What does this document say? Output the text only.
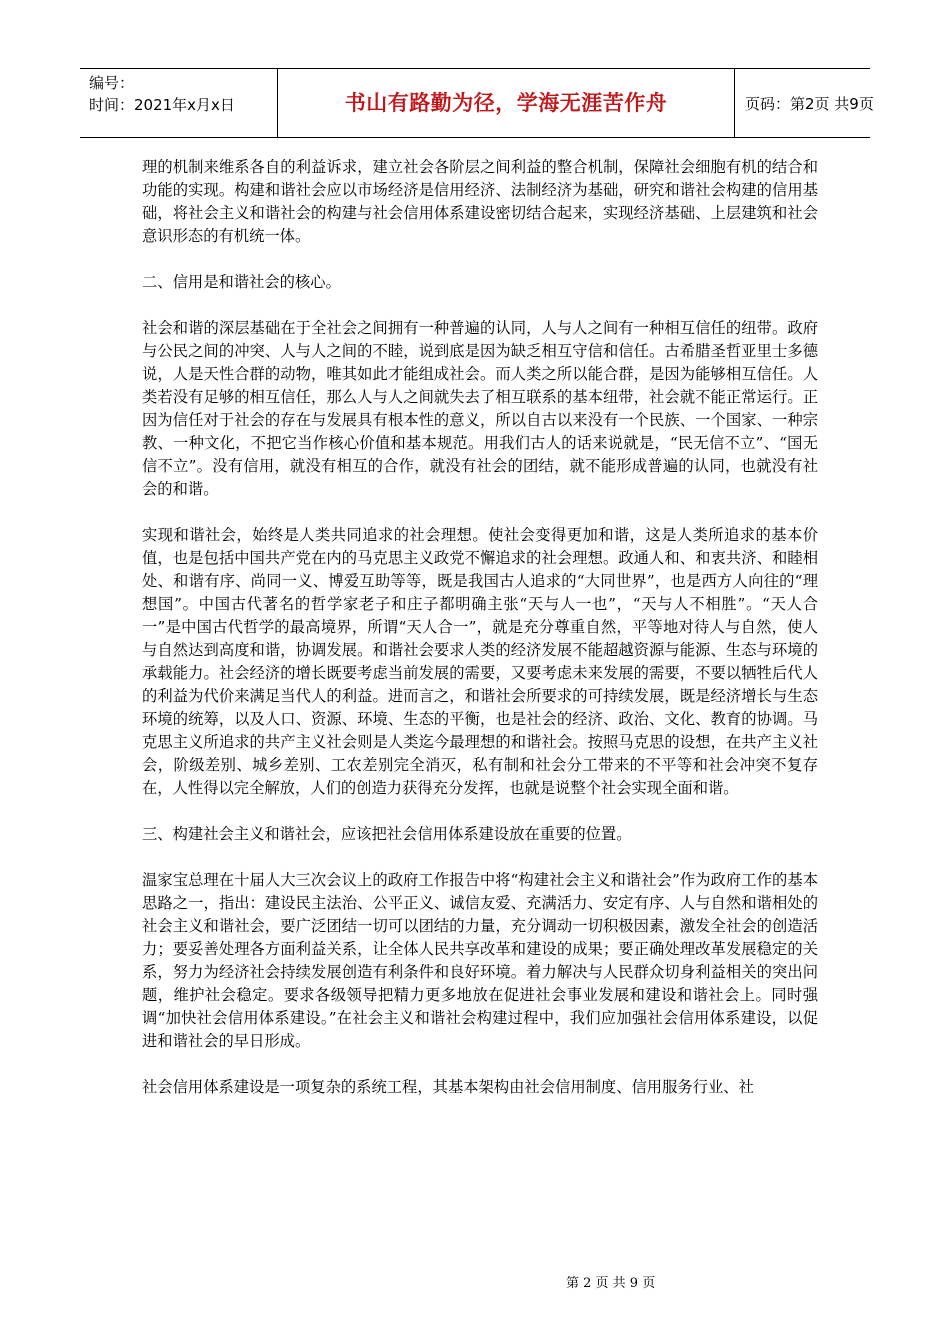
编号：
时间：2021年x月x日	书山有路勤为径，学海无涯苦作舟	页码：第2页 共9页

理的机制来维系各自的利益诉求，建立社会各阶层之间利益的整合机制，保障社会细胞有机的结合和功能的实现。构建和谐社会应以市场经济是信用经济、法制经济为基础，研究和谐社会构建的信用基础，将社会主义和谐社会的构建与社会信用体系建设密切结合起来，实现经济基础、上层建筑和社会意识形态的有机统一体。

二、信用是和谐社会的核心。

社会和谐的深层基础在于全社会之间拥有一种普遍的认同，人与人之间有一种相互信任的纽带。政府与公民之间的冲突、人与人之间的不睦，说到底是因为缺乏相互守信和信任。古希腊圣哲亚里士多德说，人是天性合群的动物，唯其如此才能组成社会。而人类之所以能合群，是因为能够相互信任。人类若没有足够的相互信任，那么人与人之间就失去了相互联系的基本纽带，社会就不能正常运行。正因为信任对于社会的存在与发展具有根本性的意义，所以自古以来没有一个民族、一个国家、一种宗教、一种文化，不把它当作核心价值和基本规范。用我们古人的话来说就是，“民无信不立”、“国无信不立”。没有信用，就没有相互的合作，就没有社会的团结，就不能形成普遍的认同，也就没有社会的和谐。

实现和谐社会，始终是人类共同追求的社会理想。使社会变得更加和谐，这是人类所追求的基本价值，也是包括中国共产党在内的马克思主义政党不懈追求的社会理想。政通人和、和衷共济、和睦相处、和谐有序、尚同一义、博爱互助等等，既是我国古人追求的“大同世界”，也是西方人向往的“理想国”。中国古代著名的哲学家老子和庄子都明确主张“天与人一也”，“天与人不相胜”。“天人合一”是中国古代哲学的最高境界，所谓“天人合一”，就是充分尊重自然，平等地对待人与自然，使人与自然达到高度和谐，协调发展。和谐社会要求人类的经济发展不能超越资源与能源、生态与环境的承载能力。社会经济的增长既要考虑当前发展的需要，又要考虑未来发展的需要，不要以牺牲后代人的利益为代价来满足当代人的利益。进而言之，和谐社会所要求的可持续发展，既是经济增长与生态环境的统筹，以及人口、资源、环境、生态的平衡，也是社会的经济、政治、文化、教育的协调。马克思主义所追求的共产主义社会则是人类迄今最理想的和谐社会。按照马克思的设想，在共产主义社会，阶级差别、城乡差别、工农差别完全消灭，私有制和社会分工带来的不平等和社会冲突不复存在，人性得以完全解放，人们的创造力获得充分发挥，也就是说整个社会实现全面和谐。

三、构建社会主义和谐社会，应该把社会信用体系建设放在重要的位置。

温家宝总理在十届人大三次会议上的政府工作报告中将“构建社会主义和谐社会”作为政府工作的基本思路之一，指出：建设民主法治、公平正义、诚信友爱、充满活力、安定有序、人与自然和谐相处的社会主义和谐社会，要广泛团结一切可以团结的力量，充分调动一切积极因素，激发全社会的创造活力；要妥善处理各方面利益关系，让全体人民共享改革和建设的成果；要正确处理改革发展稳定的关系，努力为经济社会持续发展创造有利条件和良好环境。着力解决与人民群众切身利益相关的突出问题，维护社会稳定。要求各级领导把精力更多地放在促进社会事业发展和建设和谐社会上。同时强调“加快社会信用体系建设。”在社会主义和谐社会构建过程中，我们应加强社会信用体系建设，以促进和谐社会的早日形成。

社会信用体系建设是一项复杂的系统工程，其基本架构由社会信用制度、信用服务行业、社

第 2 页 共 9 页
